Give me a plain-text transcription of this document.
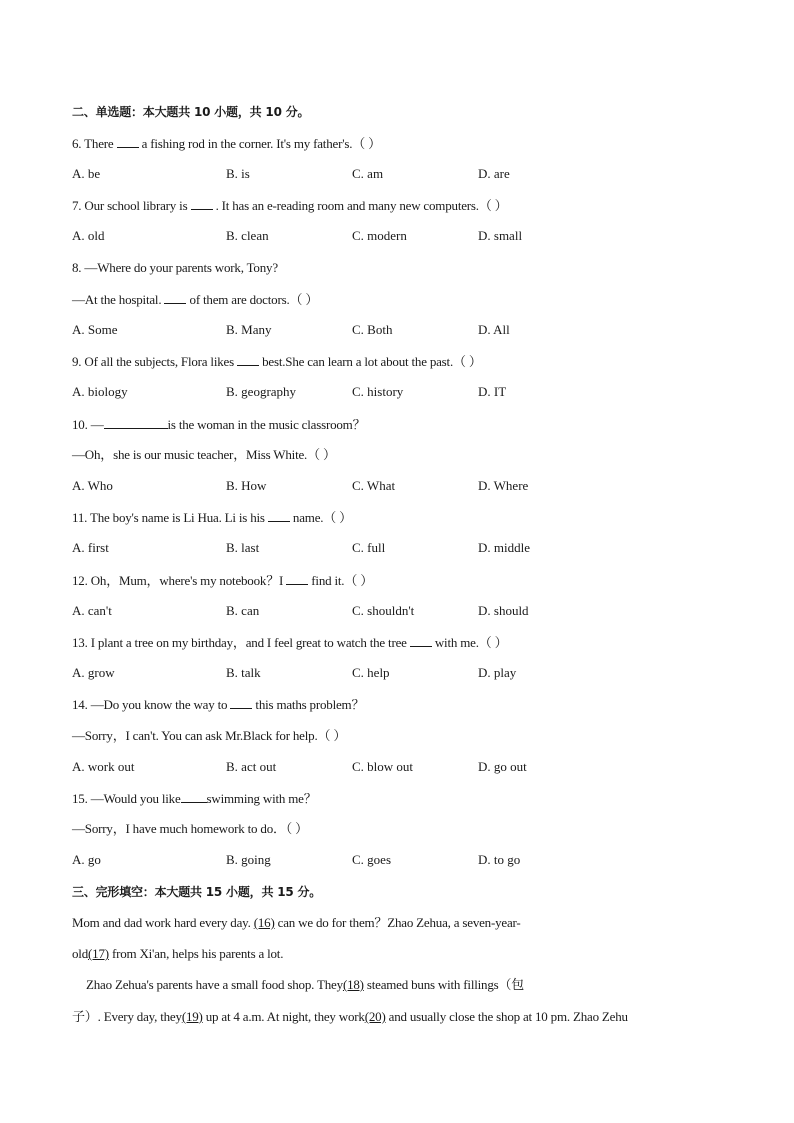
二、单选题：本大题共 10 小题，共 10 分。
6. There a fishing rod in the corner. It's my father's.（ ）
A. be	B. is	C. am	D. are
7. Our school library is . It has an e-reading room and many new computers.（ ）
A. old	B. clean	C. modern	D. small
8. —Where do your parents work, Tony?
—At the hospital. of them are doctors.（ ）
A. Some	B. Many	C. Both	D. All
9. Of all the subjects, Flora likes best.She can learn a lot about the past.（ ）
A. biology	B. geography	C. history	D. IT
10. —	is the woman in the music classroom？
—Oh，she is our music teacher，Miss White.（ ）
A. Who	B. How	C. What	D. Where
11. The boy's name is Li Hua. Li is his name.（ ）
A. first	B. last	C. full	D. middle
12. Oh，Mum，where's my notebook？I find it.（ ）
A. can't	B. can	C. shouldn't	D. should
13. I plant a tree on my birthday，and I feel great to watch the tree with me.（ ）
A. grow	B. talk	C. help	D. play
14. —Do you know the way to this maths problem？
—Sorry，I can't. You can ask Mr.Black for help.（ ）
A. work out	B. act out	C. blow out	D. go out
15. —Would you like swimming with me？
—Sorry，I have much homework to do．（ ）
A. go	B. going	C. goes	D. to go
三、完形填空：本大题共 15 小题，共 15 分。
Mom and dad work hard every day. (16) can we do for them？Zhao Zehua, a seven-year-
old(17) from Xi'an, helps his parents a lot.
Zhao Zehua's parents have a small food shop. They(18) steamed buns with fillings（包
子）. Every day, they(19) up at 4 a.m. At night, they work(20) and usually close the shop at 10 pm. Zhao Zehu
